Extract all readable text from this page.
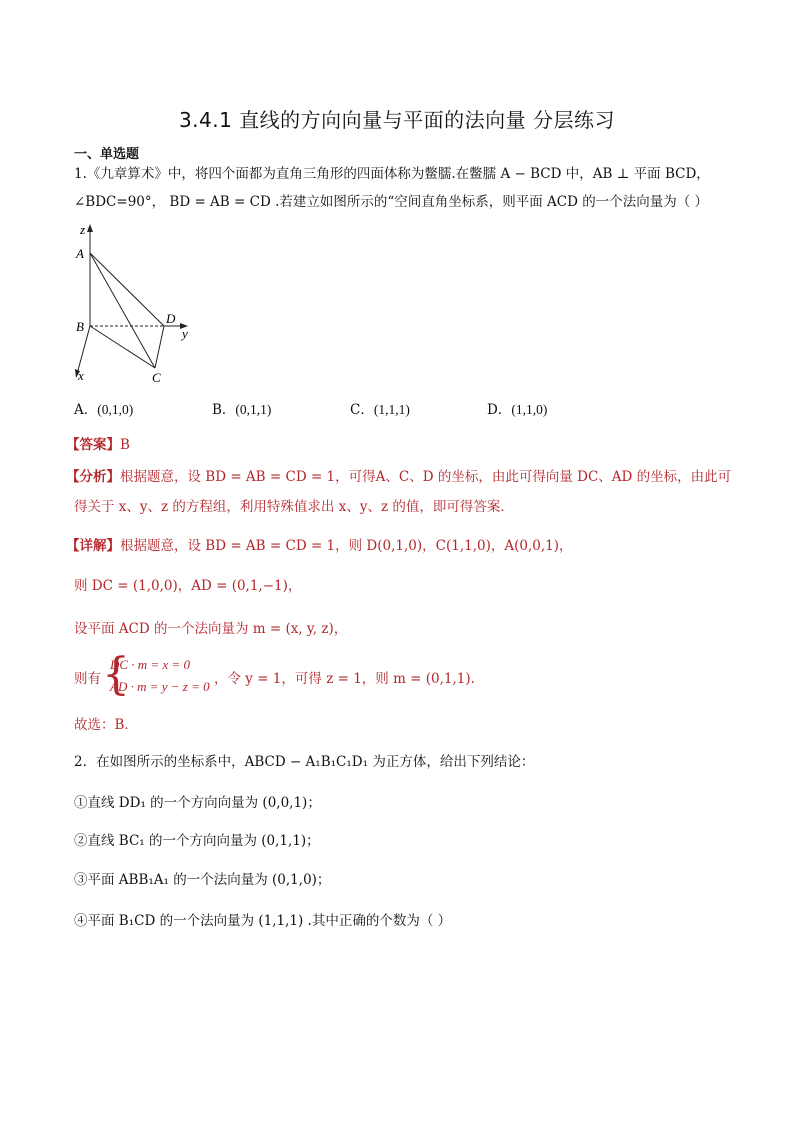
3.4.1 直线的方向向量与平面的法向量 分层练习
一、单选题
1.《九章算术》中，将四个面都为直角三角形的四面体称为鳖臑.在鳖臑 A − BCD 中，AB ⊥ 平面 BCD，
∠BDC=90°， BD = AB = CD .若建立如图所示的“空间直角坐标系，则平面 ACD 的一个法向量为（ ）
z
A
B
D
y
x	C
A．(0,1,0)	B．(0,1,1)	C．(1,1,1)	D．(1,1,0)
【答案】B
【分析】根据题意，设 BD = AB = CD = 1，可得A、C、D 的坐标，由此可得向量 DC、AD 的坐标，由此可
得关于 x、y、z 的方程组，利用特殊值求出 x、y、z 的值，即可得答案．
【详解】根据题意，设 BD = AB = CD = 1，则 D(0,1,0)，C(1,1,0)，A(0,0,1)，
则 DC = (1,0,0)，AD = (0,1,−1)，
设平面 ACD 的一个法向量为 m = (x, y, z)，
则有 {
DC · m = x = 0
AD · m = y − z = 0 ，令 y = 1，可得 z = 1，则 m = (0,1,1).
故选：B．
2．在如图所示的坐标系中，ABCD − A₁B₁C₁D₁ 为正方体，给出下列结论：
①直线 DD₁ 的一个方向向量为 (0,0,1)；
②直线 BC₁ 的一个方向向量为 (0,1,1)；
③平面 ABB₁A₁ 的一个法向量为 (0,1,0)；
④平面 B₁CD 的一个法向量为 (1,1,1) .其中正确的个数为（ ）
